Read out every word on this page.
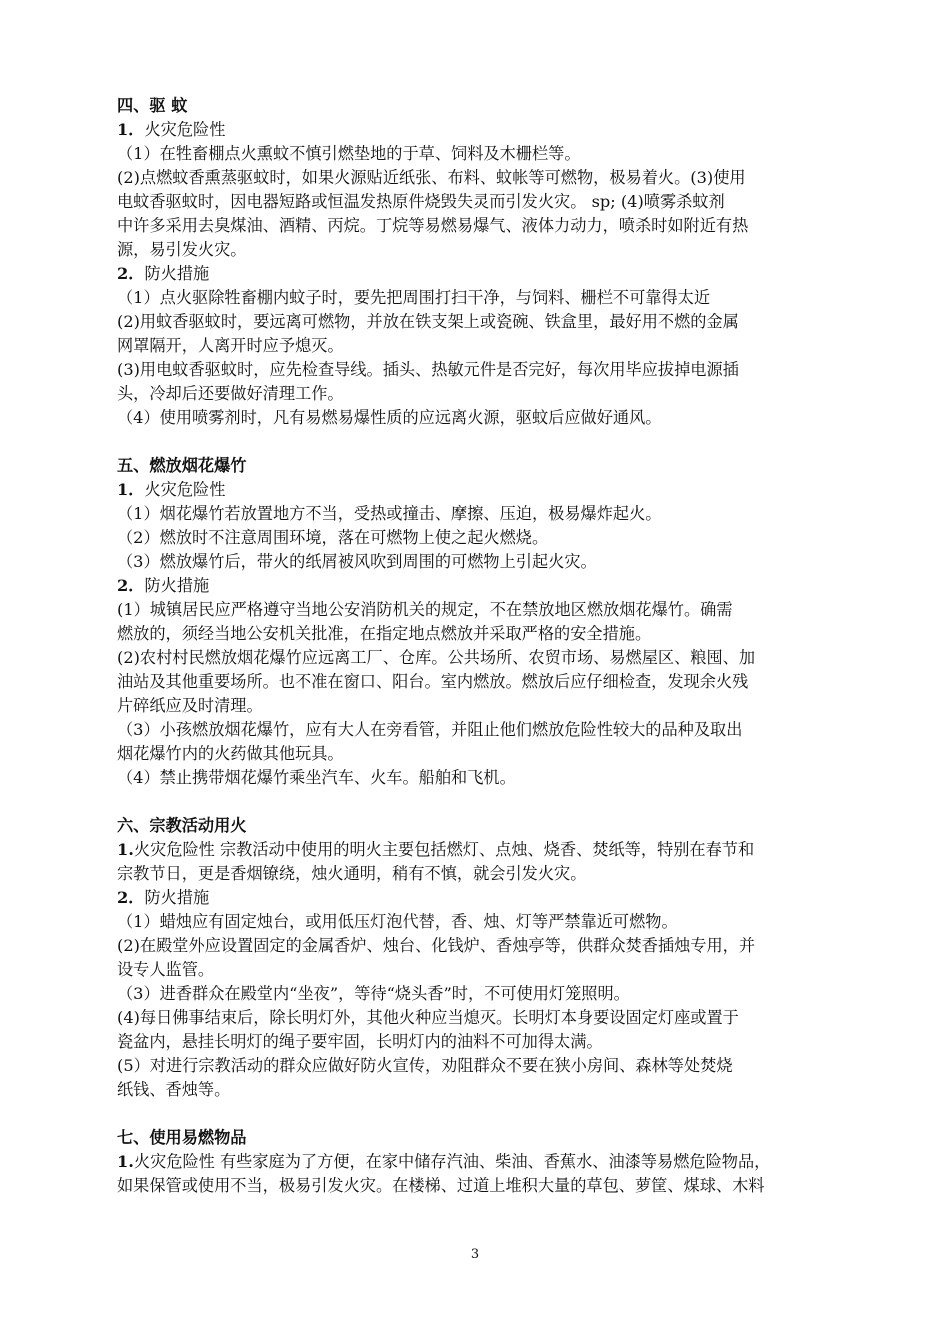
四、驱 蚊
1．火灾危险性
（1）在牲畜棚点火熏蚊不慎引燃垫地的于草、饲料及木栅栏等。
(2)点燃蚊香熏蒸驱蚊时，如果火源贴近纸张、布料、蚊帐等可燃物，极易着火。(3)使用
电蚊香驱蚊时，因电器短路或恒温发热原件烧毁失灵而引发火灾。 sp; (4)喷雾杀蚊剂
中许多采用去臭煤油、酒精、丙烷。丁烷等易燃易爆气、液体力动力，喷杀时如附近有热
源，易引发火灾。
2．防火措施
（1）点火驱除牲畜棚内蚊子时，要先把周围打扫干净，与饲料、栅栏不可靠得太近
(2)用蚊香驱蚊时，要远离可燃物，并放在铁支架上或瓷碗、铁盒里，最好用不燃的金属
网罩隔开，人离开时应予熄灭。
(3)用电蚊香驱蚊时，应先检查导线。插头、热敏元件是否完好，每次用毕应拔掉电源插
头，冷却后还要做好清理工作。
（4）使用喷雾剂时，凡有易燃易爆性质的应远离火源，驱蚊后应做好通风。
五、燃放烟花爆竹
1．火灾危险性
（1）烟花爆竹若放置地方不当，受热或撞击、摩擦、压迫，极易爆炸起火。
（2）燃放时不注意周围环境，落在可燃物上使之起火燃烧。
（3）燃放爆竹后，带火的纸屑被风吹到周围的可燃物上引起火灾。
2．防火措施
(1）城镇居民应严格遵守当地公安消防机关的规定，不在禁放地区燃放烟花爆竹。确需
燃放的，须经当地公安机关批准，在指定地点燃放并采取严格的安全措施。
(2)农村村民燃放烟花爆竹应远离工厂、仓库。公共场所、农贸市场、易燃屋区、粮囤、加
油站及其他重要场所。也不准在窗口、阳台。室内燃放。燃放后应仔细检查，发现余火残
片碎纸应及时清理。
（3）小孩燃放烟花爆竹，应有大人在旁看管，并阻止他们燃放危险性较大的品种及取出
烟花爆竹内的火药做其他玩具。
（4）禁止携带烟花爆竹乘坐汽车、火车。船舶和飞机。
六、宗教活动用火
1.火灾危险性 宗教活动中使用的明火主要包括燃灯、点烛、烧香、焚纸等，特别在春节和
宗教节日，更是香烟镣绕，烛火通明，稍有不慎，就会引发火灾。
2．防火措施
（1）蜡烛应有固定烛台，或用低压灯泡代替，香、烛、灯等严禁靠近可燃物。
(2)在殿堂外应设置固定的金属香炉、烛台、化钱炉、香烛亭等，供群众焚香插烛专用，并
设专人监管。
（3）进香群众在殿堂内“坐夜”，等待“烧头香”时，不可使用灯笼照明。
(4)每日佛事结束后，除长明灯外，其他火种应当熄灭。长明灯本身要设固定灯座或置于
瓷盆内，悬挂长明灯的绳子要牢固，长明灯内的油料不可加得太满。
(5）对进行宗教活动的群众应做好防火宣传，劝阻群众不要在狭小房间、森林等处焚烧
纸钱、香烛等。
七、使用易燃物品
1.火灾危险性 有些家庭为了方便，在家中储存汽油、柴油、香蕉水、油漆等易燃危险物品，
如果保管或使用不当，极易引发火灾。在楼梯、过道上堆积大量的草包、萝筐、煤球、木料
3
